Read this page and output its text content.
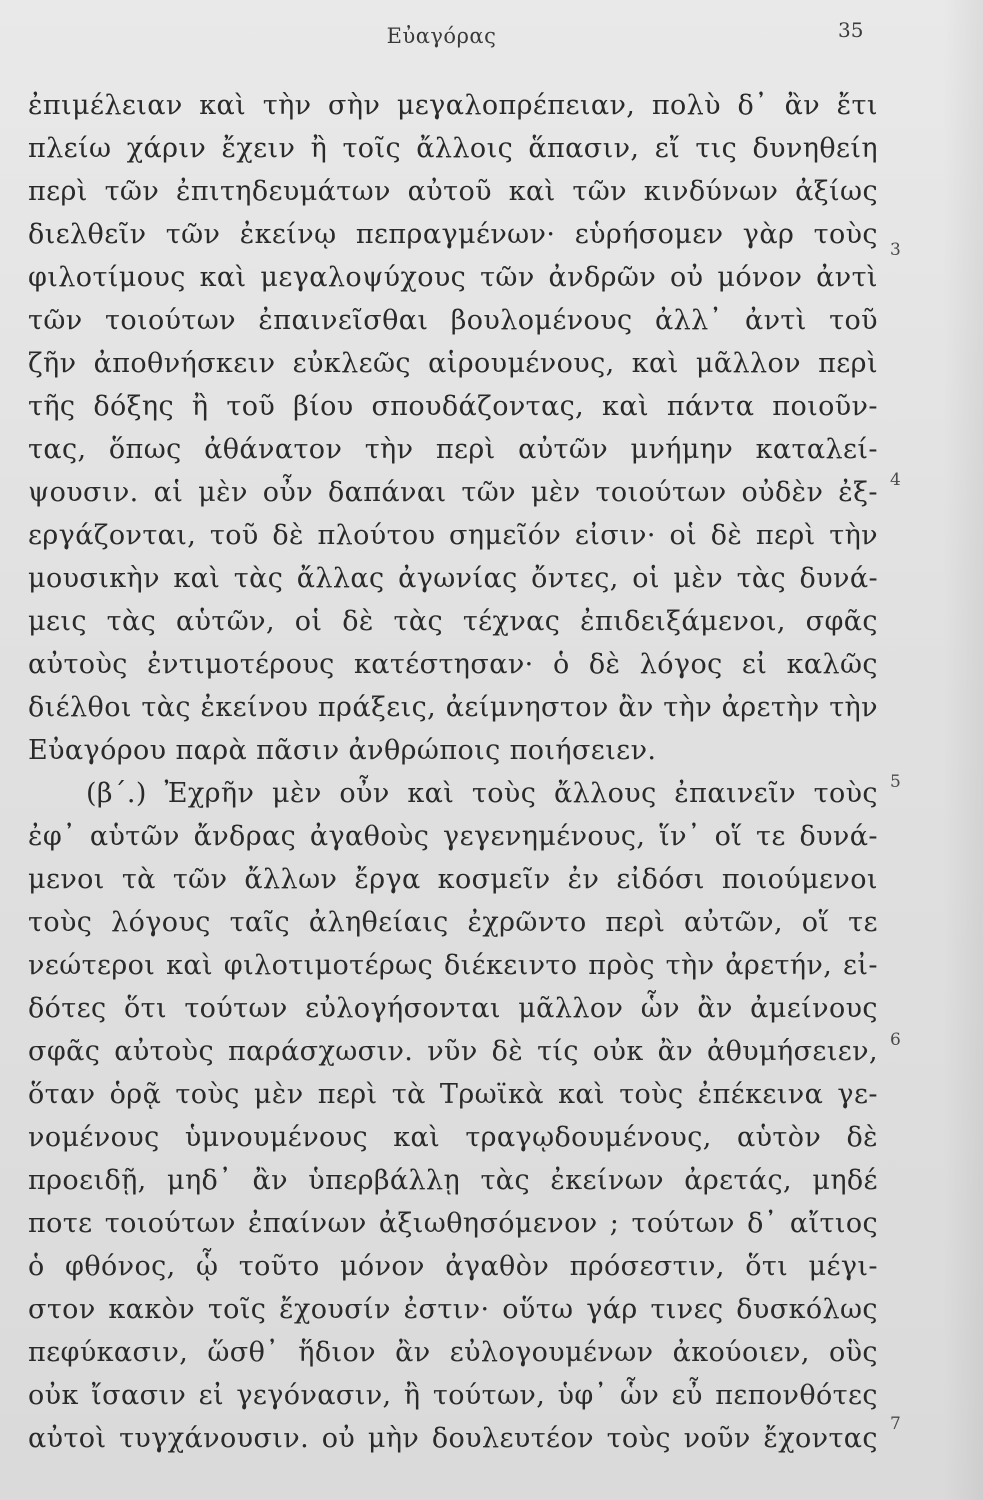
Εὐαγόρας	35
ἐπιμέλειαν καὶ τὴν σὴν μεγαλοπρέπειαν, πολὺ δ᾽ ἂν ἔτι
πλείω χάριν ἔχειν ἢ τοῖς ἄλλοις ἅπασιν, εἴ τις δυνηθείη
περὶ τῶν ἐπιτηδευμάτων αὐτοῦ καὶ τῶν κινδύνων ἀξίως
διελθεῖν τῶν ἐκείνῳ πεπραγμένων· εὑρήσομεν γὰρ τοὺς
φιλοτίμους καὶ μεγαλοψύχους τῶν ἀνδρῶν οὐ μόνον ἀντὶ
τῶν τοιούτων ἐπαινεῖσθαι βουλομένους ἀλλ᾽ ἀντὶ τοῦ
ζῆν ἀποθνήσκειν εὐκλεῶς αἱρουμένους, καὶ μᾶλλον περὶ
τῆς δόξης ἢ τοῦ βίου σπουδάζοντας, καὶ πάντα ποιοῦν-
τας, ὅπως ἀθάνατον τὴν περὶ αὐτῶν μνήμην καταλεί-
ψουσιν. αἱ μὲν οὖν δαπάναι τῶν μὲν τοιούτων οὐδὲν ἐξ-
εργάζονται, τοῦ δὲ πλούτου σημεῖόν εἰσιν· οἱ δὲ περὶ τὴν
μουσικὴν καὶ τὰς ἄλλας ἀγωνίας ὄντες, οἱ μὲν τὰς δυνά-
μεις τὰς αὑτῶν, οἱ δὲ τὰς τέχνας ἐπιδειξάμενοι, σφᾶς
αὐτοὺς ἐντιμοτέρους κατέστησαν· ὁ δὲ λόγος εἰ καλῶς
διέλθοι τὰς ἐκείνου πράξεις, ἀείμνηστον ἂν τὴν ἀρετὴν τὴν
Εὐαγόρου παρὰ πᾶσιν ἀνθρώποις ποιήσειεν.
(β΄.) Ἐχρῆν μὲν οὖν καὶ τοὺς ἄλλους ἐπαινεῖν τοὺς
ἐφ᾽ αὑτῶν ἄνδρας ἀγαθοὺς γεγενημένους, ἵν᾽ οἵ τε δυνά-
μενοι τὰ τῶν ἄλλων ἔργα κοσμεῖν ἐν εἰδόσι ποιούμενοι
τοὺς λόγους ταῖς ἀληθείαις ἐχρῶντο περὶ αὐτῶν, οἵ τε
νεώτεροι καὶ φιλοτιμοτέρως διέκειντο πρὸς τὴν ἀρετήν, εἰ-
δότες ὅτι τούτων εὐλογήσονται μᾶλλον ὧν ἂν ἀμείνους
σφᾶς αὐτοὺς παράσχωσιν. νῦν δὲ τίς οὐκ ἂν ἀθυμήσειεν,
ὅταν ὁρᾷ τοὺς μὲν περὶ τὰ Τρωϊκὰ καὶ τοὺς ἐπέκεινα γε-
νομένους ὑμνουμένους καὶ τραγῳδουμένους, αὑτὸν δὲ
προειδῇ, μηδ᾽ ἂν ὑπερβάλλῃ τὰς ἐκείνων ἀρετάς, μηδέ
ποτε τοιούτων ἐπαίνων ἀξιωθησόμενον ; τούτων δ᾽ αἴτιος
ὁ φθόνος, ᾧ τοῦτο μόνον ἀγαθὸν πρόσεστιν, ὅτι μέγι-
στον κακὸν τοῖς ἔχουσίν ἐστιν· οὕτω γάρ τινες δυσκόλως
πεφύκασιν, ὥσθ᾽ ἥδιον ἂν εὐλογουμένων ἀκούοιεν, οὓς
οὐκ ἴσασιν εἰ γεγόνασιν, ἢ τούτων, ὑφ᾽ ὧν εὖ πεπονθότες
αὐτοὶ τυγχάνουσιν. οὐ μὴν δουλευτέον τοὺς νοῦν ἔχοντας
3
4
5
6
7
